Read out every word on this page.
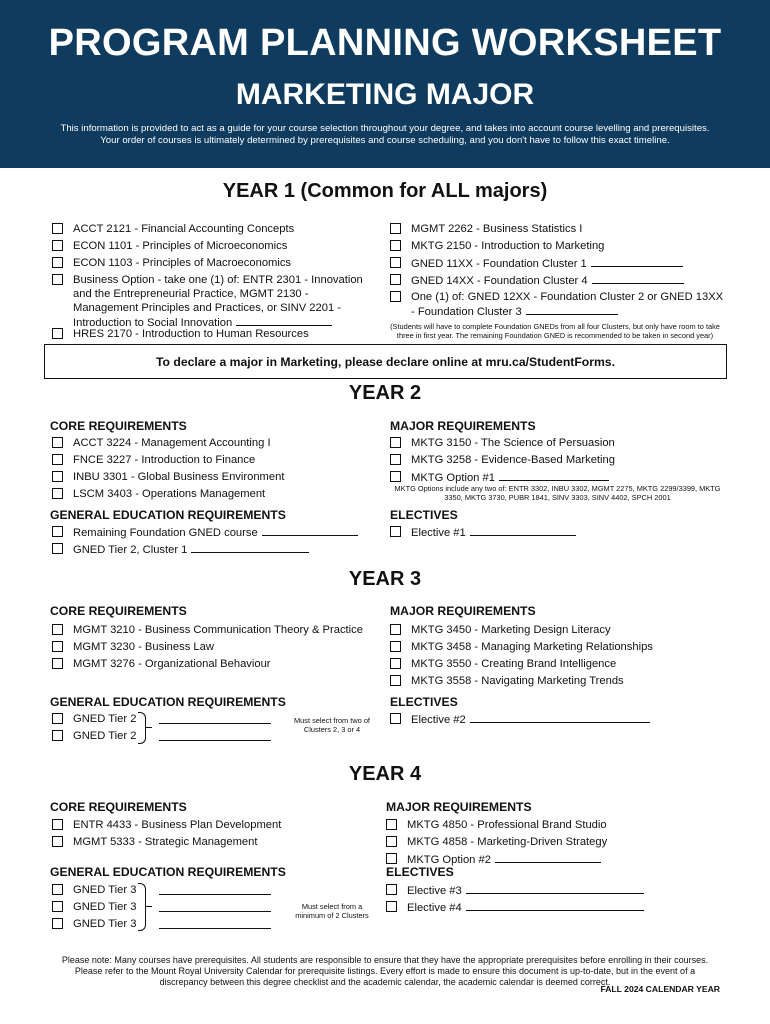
PROGRAM PLANNING WORKSHEET
MARKETING MAJOR
This information is provided to act as a guide for your course selection throughout your degree, and takes into account course levelling and prerequisites.
Your order of courses is ultimately determined by prerequisites and course scheduling, and you don't have to follow this exact timeline.
YEAR 1 (Common for ALL majors)
ACCT 2121 - Financial Accounting Concepts
ECON 1101 - Principles of Microeconomics
ECON 1103 - Principles of Macroeconomics
Business Option - take one (1) of: ENTR 2301 - Innovation
and the Entrepreneurial Practice, MGMT 2130 -
Management Principles and Practices, or SINV 2201 -
Introduction to Social Innovation
HRES 2170 - Introduction to Human Resources
MGMT 2262 - Business Statistics I
MKTG 2150 - Introduction to Marketing
GNED 11XX - Foundation Cluster 1
GNED 14XX - Foundation Cluster 4
One (1) of: GNED 12XX - Foundation Cluster 2 or GNED 13XX
- Foundation Cluster 3
(Students will have to complete Foundation GNEDs from all four Clusters, but only have room to take
three in first year. The remaining Foundation GNED is recommended to be taken in second year)
To declare a major in Marketing, please declare online at mru.ca/StudentForms.
YEAR 2
CORE REQUIREMENTS	MAJOR REQUIREMENTS
ACCT 3224 - Management Accounting I
FNCE 3227 - Introduction to Finance
INBU 3301 - Global Business Environment
LSCM 3403 - Operations Management
MKTG 3150 - The Science of Persuasion
MKTG 3258 - Evidence-Based Marketing
MKTG Option #1
MKTG Options include any two of: ENTR 3302, INBU 3302, MGMT 2275, MKTG 2299/3399, MKTG
3350, MKTG 3730, PUBR 1841, SINV 3303, SINV 4402, SPCH 2001
GENERAL EDUCATION REQUIREMENTS	ELECTIVES
Remaining Foundation GNED course
GNED Tier 2, Cluster 1
Elective #1
YEAR 3
CORE REQUIREMENTS	MAJOR REQUIREMENTS
MGMT 3210 - Business Communication Theory & Practice
MGMT 3230 - Business Law
MGMT 3276 - Organizational Behaviour
MKTG 3450 - Marketing Design Literacy
MKTG 3458 - Managing Marketing Relationships
MKTG 3550 - Creating Brand Intelligence
MKTG 3558 - Navigating Marketing Trends
GENERAL EDUCATION REQUIREMENTS	ELECTIVES
GNED Tier 2
GNED Tier 2
Must select from two of
Clusters 2, 3 or 4
Elective #2
YEAR 4
CORE REQUIREMENTS	MAJOR REQUIREMENTS
ENTR 4433 - Business Plan Development
MGMT 5333 - Strategic Management
MKTG 4850 - Professional Brand Studio
MKTG 4858 - Marketing-Driven Strategy
MKTG Option #2
GENERAL EDUCATION REQUIREMENTS	ELECTIVES
GNED Tier 3
GNED Tier 3
GNED Tier 3
Must select from a
minimum of 2 Clusters
Elective #3
Elective #4
Please note: Many courses have prerequisites. All students are responsible to ensure that they have the appropriate prerequisites before enrolling in their courses.
Please refer to the Mount Royal University Calendar for prerequisite listings. Every effort is made to ensure this document is up-to-date, but in the event of a
discrepancy between this degree checklist and the academic calendar, the academic calendar is deemed correct.
FALL 2024 CALENDAR YEAR
